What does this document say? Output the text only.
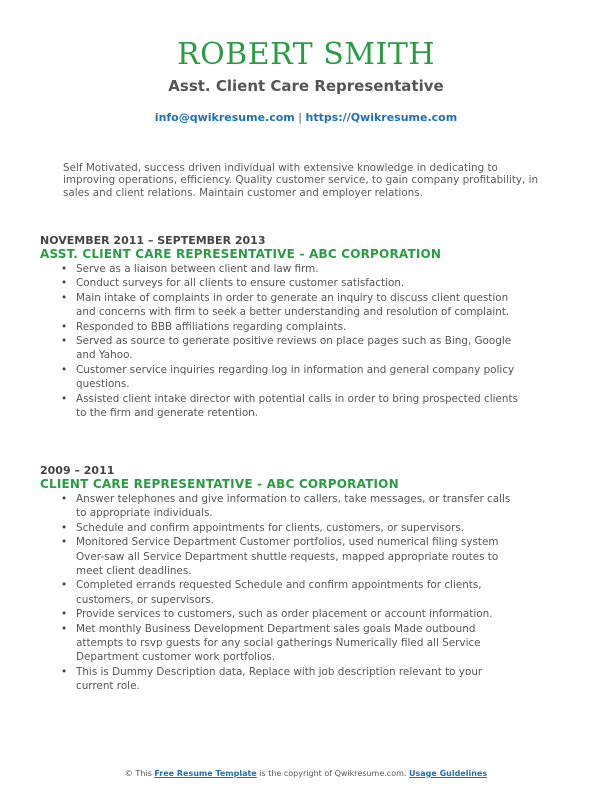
ROBERT SMITH
Asst. Client Care Representative
info@qwikresume.com | https://Qwikresume.com

Self Motivated, success driven individual with extensive knowledge in dedicating to improving operations, efficiency. Quality customer service, to gain company profitability, in sales and client relations. Maintain customer and employer relations.

NOVEMBER 2011 – SEPTEMBER 2013
ASST. CLIENT CARE REPRESENTATIVE - ABC CORPORATION
• Serve as a liaison between client and law firm.
• Conduct surveys for all clients to ensure customer satisfaction.
• Main intake of complaints in order to generate an inquiry to discuss client question and concerns with firm to seek a better understanding and resolution of complaint.
• Responded to BBB affiliations regarding complaints.
• Served as source to generate positive reviews on place pages such as Bing, Google and Yahoo.
• Customer service inquiries regarding log in information and general company policy questions.
• Assisted client intake director with potential calls in order to bring prospected clients to the firm and generate retention.
2009 – 2011
CLIENT CARE REPRESENTATIVE - ABC CORPORATION
• Answer telephones and give information to callers, take messages, or transfer calls to appropriate individuals.
• Schedule and confirm appointments for clients, customers, or supervisors.
• Monitored Service Department Customer portfolios, used numerical filing system Over-saw all Service Department shuttle requests, mapped appropriate routes to meet client deadlines.
• Completed errands requested Schedule and confirm appointments for clients, customers, or supervisors.
• Provide services to customers, such as order placement or account information.
• Met monthly Business Development Department sales goals Made outbound attempts to rsvp guests for any social gatherings Numerically filed all Service Department customer work portfolios.
• This is Dummy Description data, Replace with job description relevant to your current role.
© This Free Resume Template is the copyright of Qwikresume.com. Usage Guidelines
